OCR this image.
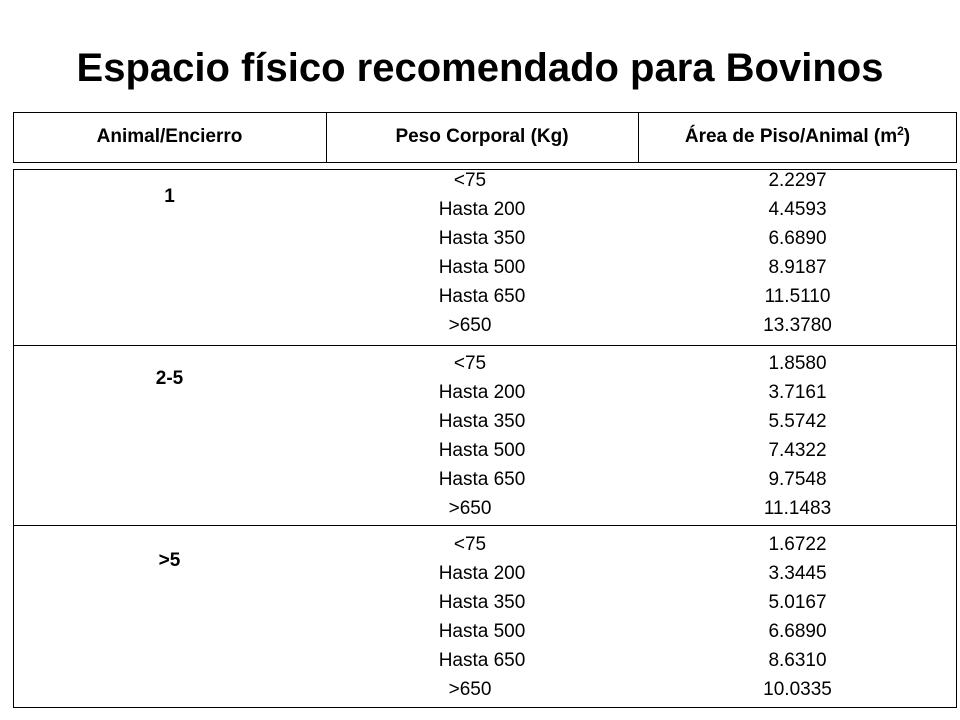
Espacio físico recomendado para Bovinos
Animal/Encierro	Peso Corporal (Kg)	Área de Piso/Animal $(m^2)$
1
<75
Hasta 200
Hasta 350
Hasta 500
Hasta 650
>650
2.2297
4.4593
6.6890
8.9187
11.5110
13.3780
2-5
<75
Hasta 200
Hasta 350
Hasta 500
Hasta 650
>650
1.8580
3.7161
5.5742
7.4322
9.7548
11.1483
>5
<75
Hasta 200
Hasta 350
Hasta 500
Hasta 650
>650
1.6722
3.3445
5.0167
6.6890
8.6310
10.0335
